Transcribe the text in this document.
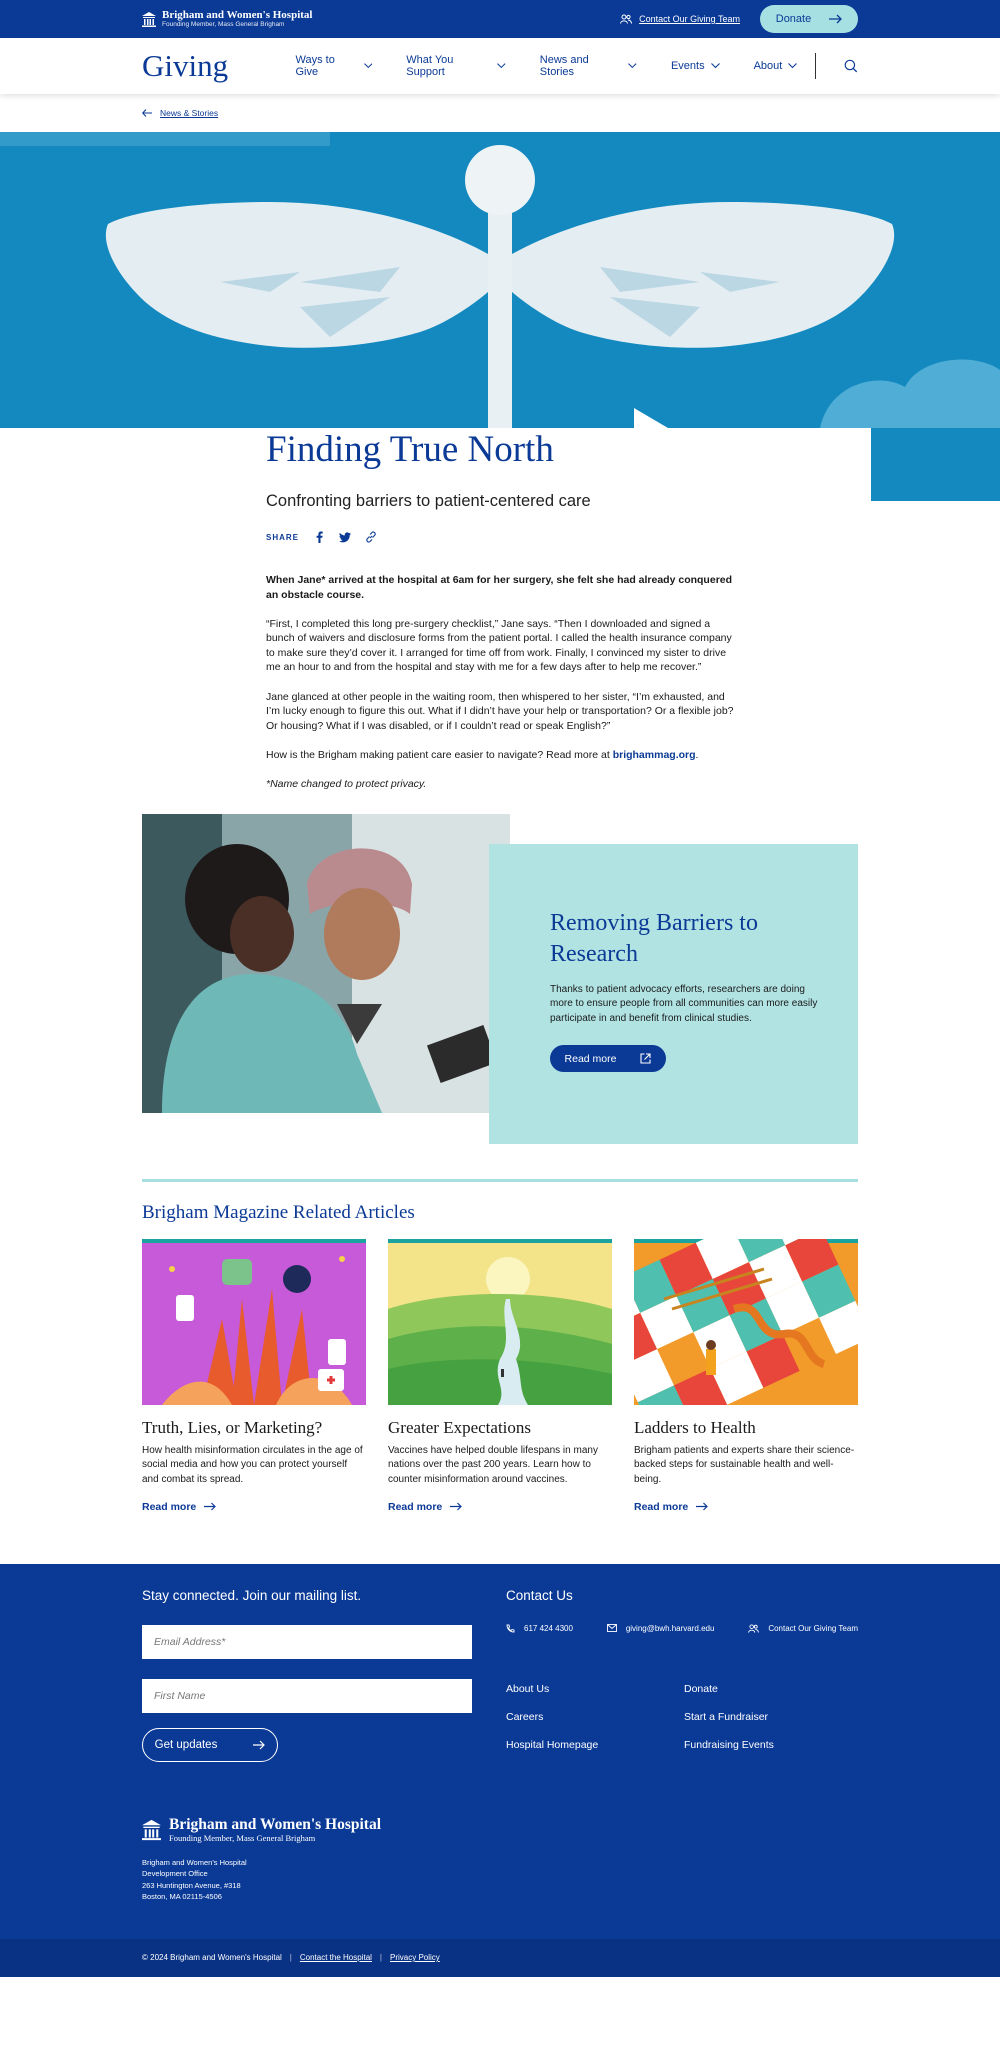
Brigham and Women's Hospital
Founding Member, Mass General Brigham	Contact Our Giving Team	Donate
Giving	Ways to Give
What You Support
News and Stories	Events	About
News & Stories
Finding True North
Confronting barriers to patient-centered care
SHARE

When Jane* arrived at the hospital at 6am for her surgery, she felt she had already conquered an obstacle course.

“First, I completed this long pre-surgery checklist,” Jane says. “Then I downloaded and signed a bunch of waivers and disclosure forms from the patient portal. I called the health insurance company to make sure they’d cover it. I arranged for time off from work. Finally, I convinced my sister to drive me an hour to and from the hospital and stay with me for a few days after to help me recover.”

Jane glanced at other people in the waiting room, then whispered to her sister, “I’m exhausted, and I’m lucky enough to figure this out. What if I didn’t have your help or transportation? Or a flexible job? Or housing? What if I was disabled, or if I couldn’t read or speak English?”

How is the Brigham making patient care easier to navigate? Read more at brighammag.org.

*Name changed to protect privacy.

Removing Barriers to Research

Thanks to patient advocacy efforts, researchers are doing more to ensure people from all communities can more easily participate in and benefit from clinical studies.

Read more
Brigham Magazine Related Articles
Truth, Lies, or Marketing?

How health misinformation circulates in the age of social media and how you can protect yourself and combat its spread.

Read more
Greater Expectations

Vaccines have helped double lifespans in many nations over the past 200 years. Learn how to counter misinformation around vaccines.

Read more
Ladders to Health

Brigham patients and experts share their science-backed steps for sustainable health and well-being.

Read more
Stay connected. Join our mailing list.
Email Address*
First Name
Get updates
Contact Us
617 424 4300	giving@bwh.harvard.edu	Contact Our Giving Team
About Us	Donate
Careers	Start a Fundraiser
Hospital Homepage	Fundraising Events
Brigham and Women's Hospital
Founding Member, Mass General Brigham
Brigham and Women's Hospital
Development Office
263 Huntington Avenue, #318
Boston, MA 02115-4506
© 2024 Brigham and Women's Hospital | Contact the Hospital | Privacy Policy
